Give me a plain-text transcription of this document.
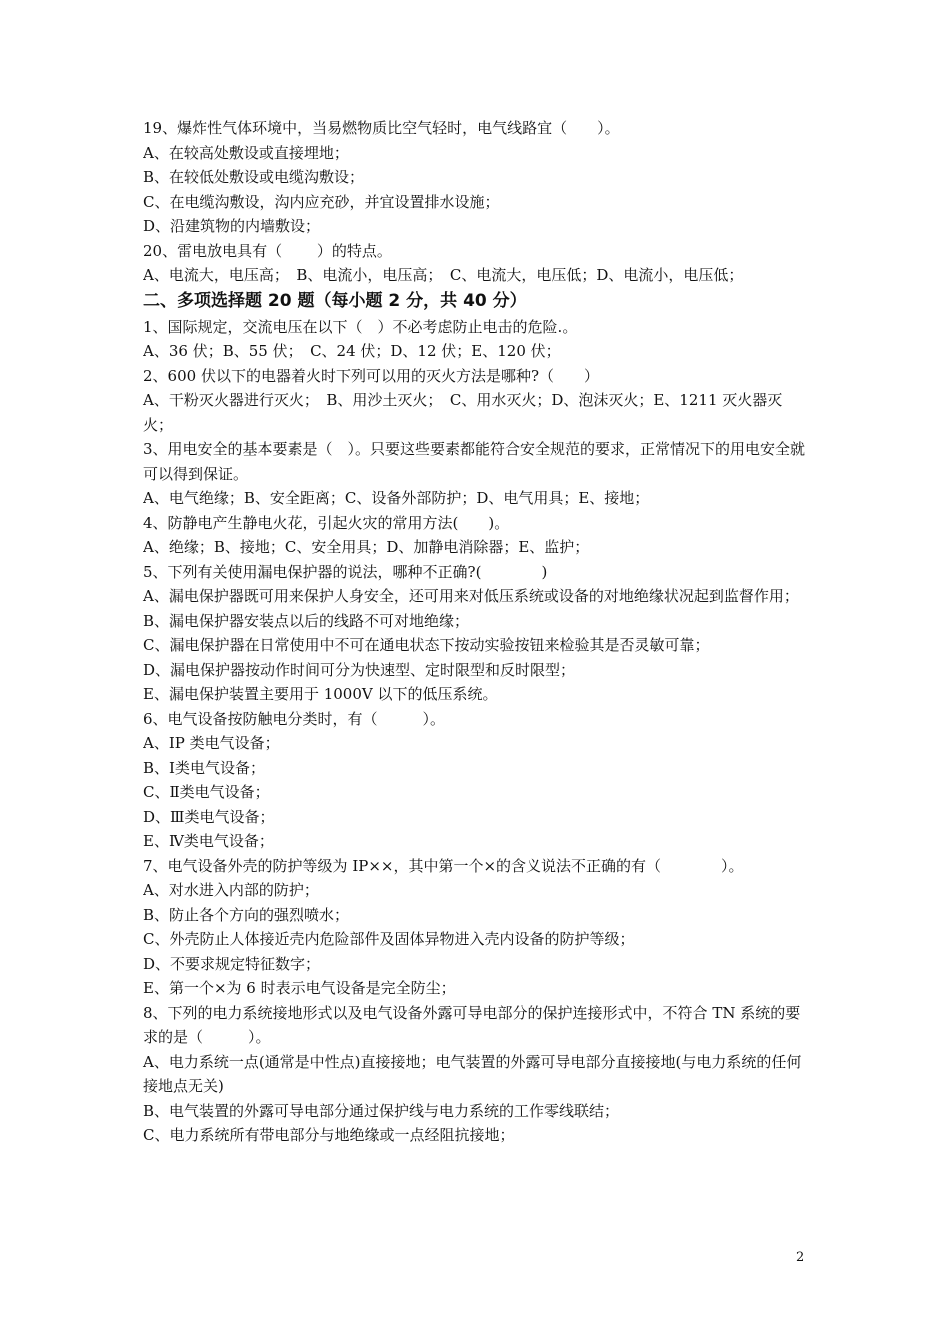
19、爆炸性气体环境中，当易燃物质比空气轻时，电气线路宜（　　）。
A、在较高处敷设或直接埋地；
B、在较低处敷设或电缆沟敷设；
C、在电缆沟敷设，沟内应充砂，并宜设置排水设施；
D、沿建筑物的内墙敷设；
20、雷电放电具有（　　 ）的特点。
A、电流大，电压高；　B、电流小，电压高；　C、电流大，电压低；D、电流小，电压低；
二、多项选择题 20 题（每小题 2 分，共 40 分）
1、国际规定，交流电压在以下（　）不必考虑防止电击的危险.。
A、36 伏；B、55 伏；　C、24 伏；D、12 伏；E、120 伏；
2、600 伏以下的电器着火时下列可以用的灭火方法是哪种?（　　）
A、干粉灭火器进行灭火；　B、用沙土灭火；　C、用水灭火；D、泡沫灭火；E、1211 灭火器灭火；
3、用电安全的基本要素是（　）。只要这些要素都能符合安全规范的要求，正常情况下的用电安全就可以得到保证。
A、电气绝缘；B、安全距离；C、设备外部防护；D、电气用具；E、接地；
4、防静电产生静电火花，引起火灾的常用方法(　　)。
A、绝缘；B、接地；C、安全用具；D、加静电消除器；E、监护；
5、下列有关使用漏电保护器的说法，哪种不正确?(　　　　)
A、漏电保护器既可用来保护人身安全，还可用来对低压系统或设备的对地绝缘状况起到监督作用；
B、漏电保护器安装点以后的线路不可对地绝缘；
C、漏电保护器在日常使用中不可在通电状态下按动实验按钮来检验其是否灵敏可靠；
D、漏电保护器按动作时间可分为快速型、定时限型和反时限型；
E、漏电保护装置主要用于 1000V 以下的低压系统。
6、电气设备按防触电分类时，有（　　　）。
A、IP 类电气设备；
B、Ⅰ类电气设备；
C、Ⅱ类电气设备；
D、Ⅲ类电气设备；
E、Ⅳ类电气设备；
7、电气设备外壳的防护等级为 IP××，其中第一个×的含义说法不正确的有（　　　　）。
A、对水进入内部的防护；
B、防止各个方向的强烈喷水；
C、外壳防止人体接近壳内危险部件及固体异物进入壳内设备的防护等级；
D、不要求规定特征数字；
E、第一个×为 6 时表示电气设备是完全防尘；
8、下列的电力系统接地形式以及电气设备外露可导电部分的保护连接形式中，不符合 TN 系统的要求的是（　　　）。
A、电力系统一点(通常是中性点)直接接地；电气装置的外露可导电部分直接接地(与电力系统的任何接地点无关)
B、电气装置的外露可导电部分通过保护线与电力系统的工作零线联结；
C、电力系统所有带电部分与地绝缘或一点经阻抗接地；
2
